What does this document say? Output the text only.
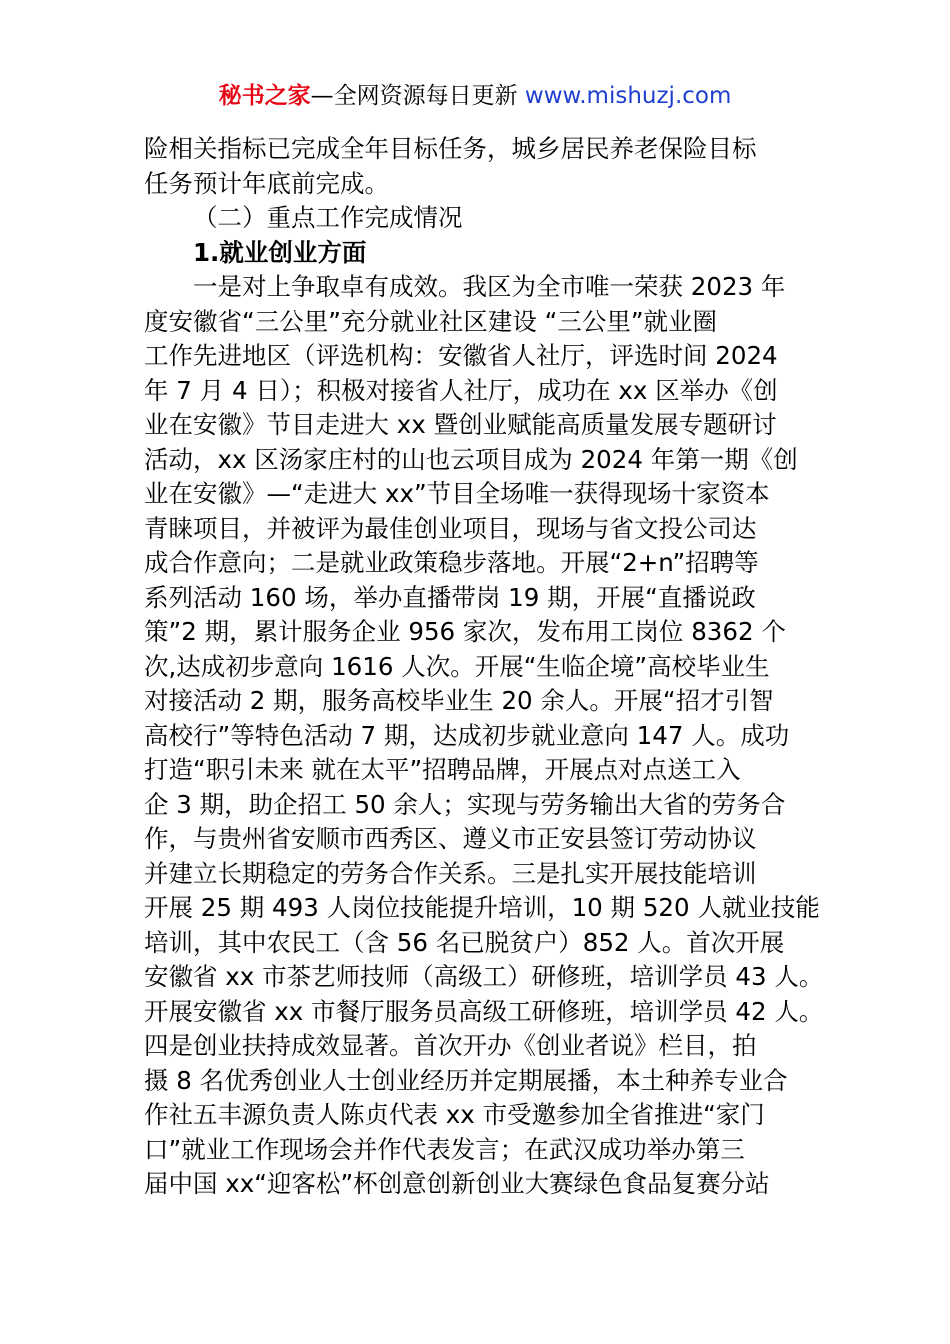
秘书之家—全网资源每日更新 www.mishuzj.com
险相关指标已完成全年目标任务，城乡居民养老保险目标
任务预计年底前完成。
（二）重点工作完成情况
1.就业创业方面
一是对上争取卓有成效。我区为全市唯一荣获 2023 年
度安徽省“三公里”充分就业社区建设 “三公里”就业圈
工作先进地区（评选机构：安徽省人社厅，评选时间 2024
年 7 月 4 日）；积极对接省人社厅，成功在 xx 区举办《创
业在安徽》节目走进大 xx 暨创业赋能高质量发展专题研讨
活动，xx 区汤家庄村的山也云项目成为 2024 年第一期《创
业在安徽》—“走进大 xx”节目全场唯一获得现场十家资本
青睐项目，并被评为最佳创业项目，现场与省文投公司达
成合作意向；二是就业政策稳步落地。开展“2+n”招聘等
系列活动 160 场，举办直播带岗 19 期，开展“直播说政
策”2 期，累计服务企业 956 家次，发布用工岗位 8362 个
次,达成初步意向 1616 人次。开展“生临企境”高校毕业生
对接活动 2 期，服务高校毕业生 20 余人。开展“招才引智
高校行”等特色活动 7 期，达成初步就业意向 147 人。成功
打造“职引未来 就在太平”招聘品牌，开展点对点送工入
企 3 期，助企招工 50 余人；实现与劳务输出大省的劳务合
作，与贵州省安顺市西秀区、遵义市正安县签订劳动协议
并建立长期稳定的劳务合作关系。三是扎实开展技能培训
开展 25 期 493 人岗位技能提升培训，10 期 520 人就业技能
培训，其中农民工（含 56 名已脱贫户）852 人。首次开展
安徽省 xx 市茶艺师技师（高级工）研修班，培训学员 43 人。
开展安徽省 xx 市餐厅服务员高级工研修班，培训学员 42 人。
四是创业扶持成效显著。首次开办《创业者说》栏目，拍
摄 8 名优秀创业人士创业经历并定期展播，本土种养专业合
作社五丰源负责人陈贞代表 xx 市受邀参加全省推进“家门
口”就业工作现场会并作代表发言；在武汉成功举办第三
届中国 xx“迎客松”杯创意创新创业大赛绿色食品复赛分站
